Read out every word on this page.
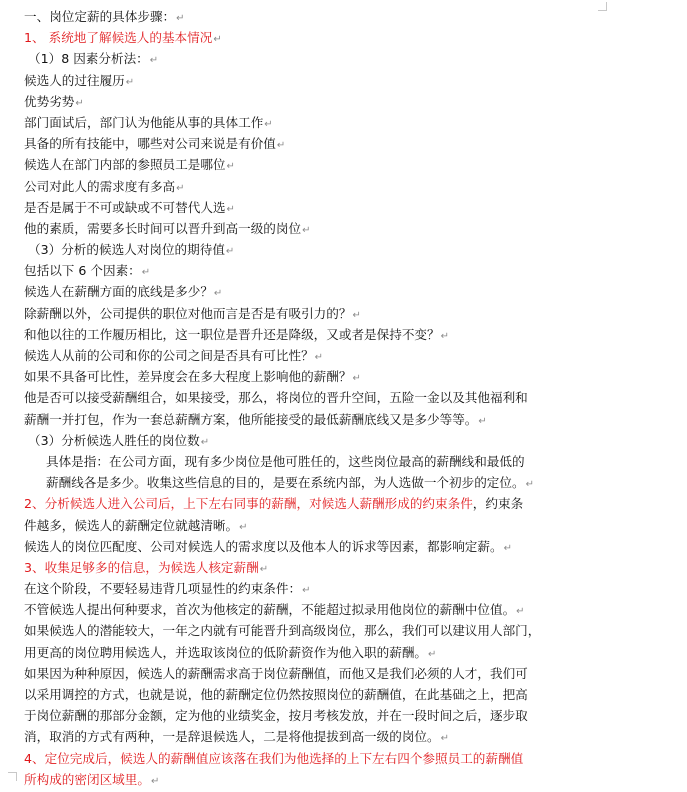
一、岗位定薪的具体步骤： ↵
1、 系统地了解候选人的基本情况 ↵
（1）8 因素分析法： ↵
候选人的过往履历 ↵
优势劣势 ↵
部门面试后，部门认为他能从事的具体工作 ↵
具备的所有技能中，哪些对公司来说是有价值 ↵
候选人在部门内部的参照员工是哪位 ↵
公司对此人的需求度有多高 ↵
是否是属于不可或缺或不可替代人选 ↵
他的素质，需要多长时间可以晋升到高一级的岗位 ↵
（3）分析的候选人对岗位的期待值 ↵
包括以下 6 个因素： ↵
候选人在薪酬方面的底线是多少？ ↵
除薪酬以外，公司提供的职位对他而言是否是有吸引力的？ ↵
和他以往的工作履历相比，这一职位是晋升还是降级，又或者是保持不变？ ↵
候选人从前的公司和你的公司之间是否具有可比性？ ↵
如果不具备可比性，差异度会在多大程度上影响他的薪酬？ ↵
他是否可以接受薪酬组合，如果接受，那么，将岗位的晋升空间，五险一金以及其他福利和
薪酬一并打包，作为一套总薪酬方案，他所能接受的最低薪酬底线又是多少等等。 ↵
（3）分析候选人胜任的岗位数 ↵
具体是指：在公司方面，现有多少岗位是他可胜任的，这些岗位最高的薪酬线和最低的
薪酬线各是多少。收集这些信息的目的，是要在系统内部，为人选做一个初步的定位。 ↵
2、分析候选人进入公司后，上下左右同事的薪酬，对候选人薪酬形成的约束条件，约束条
件越多，候选人的薪酬定位就越清晰。 ↵
候选人的岗位匹配度、公司对候选人的需求度以及他本人的诉求等因素，都影响定薪。 ↵
3、收集足够多的信息，为候选人核定薪酬 ↵
在这个阶段，不要轻易违背几项显性的约束条件： ↵
不管候选人提出何种要求，首次为他核定的薪酬，不能超过拟录用他岗位的薪酬中位值。 ↵
如果候选人的潜能较大，一年之内就有可能晋升到高级岗位，那么，我们可以建议用人部门，
用更高的岗位聘用候选人，并选取该岗位的低阶薪资作为他入职的薪酬。 ↵
如果因为种种原因，候选人的薪酬需求高于岗位薪酬值，而他又是我们必须的人才，我们可
以采用调控的方式，也就是说，他的薪酬定位仍然按照岗位的薪酬值，在此基础之上，把高
于岗位薪酬的那部分金额，定为他的业绩奖金，按月考核发放，并在一段时间之后，逐步取
消，取消的方式有两种，一是辞退候选人，二是将他提拔到高一级的岗位。 ↵
4、定位完成后，候选人的薪酬值应该落在我们为他选择的上下左右四个参照员工的薪酬值
所构成的密闭区域里。 ↵
